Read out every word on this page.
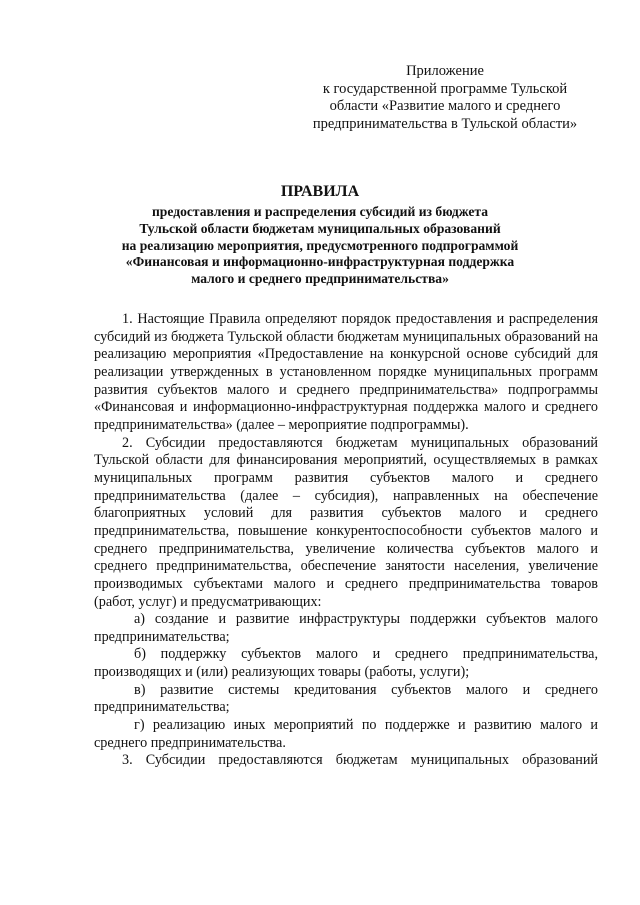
Приложение
к государственной программе Тульской
области «Развитие малого и среднего
предпринимательства в Тульской области»
ПРАВИЛА
предоставления и распределения субсидий из бюджета
Тульской области бюджетам муниципальных образований
на реализацию мероприятия, предусмотренного подпрограммой
«Финансовая и информационно-инфраструктурная поддержка
малого и среднего предпринимательства»

1. Настоящие Правила определяют порядок предоставления и распределения субсидий из бюджета Тульской области бюджетам муниципальных образований на реализацию мероприятия «Предоставление на конкурсной основе субсидий для реализации утвержденных в установленном порядке муниципальных программ развития субъектов малого и среднего предпринимательства» подпрограммы «Финансовая и информационно-инфраструктурная поддержка малого и среднего предпринимательства» (далее – мероприятие подпрограммы).

2. Субсидии предоставляются бюджетам муниципальных образований Тульской области для финансирования мероприятий, осуществляемых в рамках муниципальных программ развития субъектов малого и среднего предпринимательства (далее – субсидия), направленных на обеспечение благоприятных условий для развития субъектов малого и среднего предпринимательства, повышение конкурентоспособности субъектов малого и среднего предпринимательства, увеличение количества субъектов малого и среднего предпринимательства, обеспечение занятости населения, увеличение производимых субъектами малого и среднего предпринимательства товаров (работ, услуг) и предусматривающих:

а) создание и развитие инфраструктуры поддержки субъектов малого предпринимательства;

б) поддержку субъектов малого и среднего предпринимательства, производящих и (или) реализующих товары (работы, услуги);

в) развитие системы кредитования субъектов малого и среднего предпринимательства;

г) реализацию иных мероприятий по поддержке и развитию малого и среднего предпринимательства.

3. Субсидии предоставляются бюджетам муниципальных образований
